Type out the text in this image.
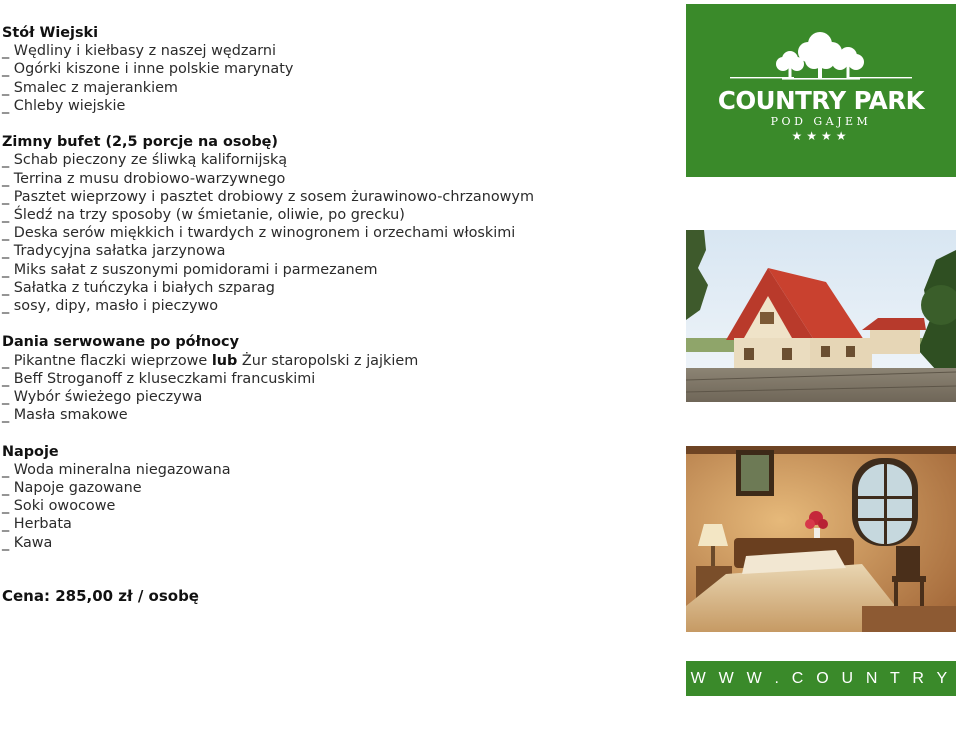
Stół Wiejski
_ Wędliny i kiełbasy z naszej wędzarni
_ Ogórki kiszone i inne polskie marynaty
_ Smalec z majerankiem
_ Chleby wiejskie
Zimny bufet (2,5 porcje na osobę)
_ Schab pieczony ze śliwką kalifornijską
_ Terrina z musu drobiowo-warzywnego
_ Pasztet wieprzowy i pasztet drobiowy z sosem żurawinowo-chrzanowym
_ Śledź na trzy sposoby (w śmietanie, oliwie, po grecku)
_ Deska serów miękkich i twardych z winogronem i orzechami włoskimi
_ Tradycyjna sałatka jarzynowa
_ Miks sałat z suszonymi pomidorami i parmezanem
_ Sałatka z tuńczyka i białych szparag
_ sosy, dipy, masło i pieczywo
Dania serwowane po północy
_ Pikantne flaczki wieprzowe lub Żur staropolski z jajkiem
_ Beff Stroganoff z kluseczkami francuskimi
_ Wybór świeżego pieczywa
_ Masła smakowe
Napoje
_ Woda mineralna niegazowana
_ Napoje gazowane
_ Soki owocowe
_ Herbata
_ Kawa
Cena: 285,00 zł / osobę
COUNTRY PARK
POD GAJEM
★★★★
W W W . C O U N T R Y P A R K . P L
